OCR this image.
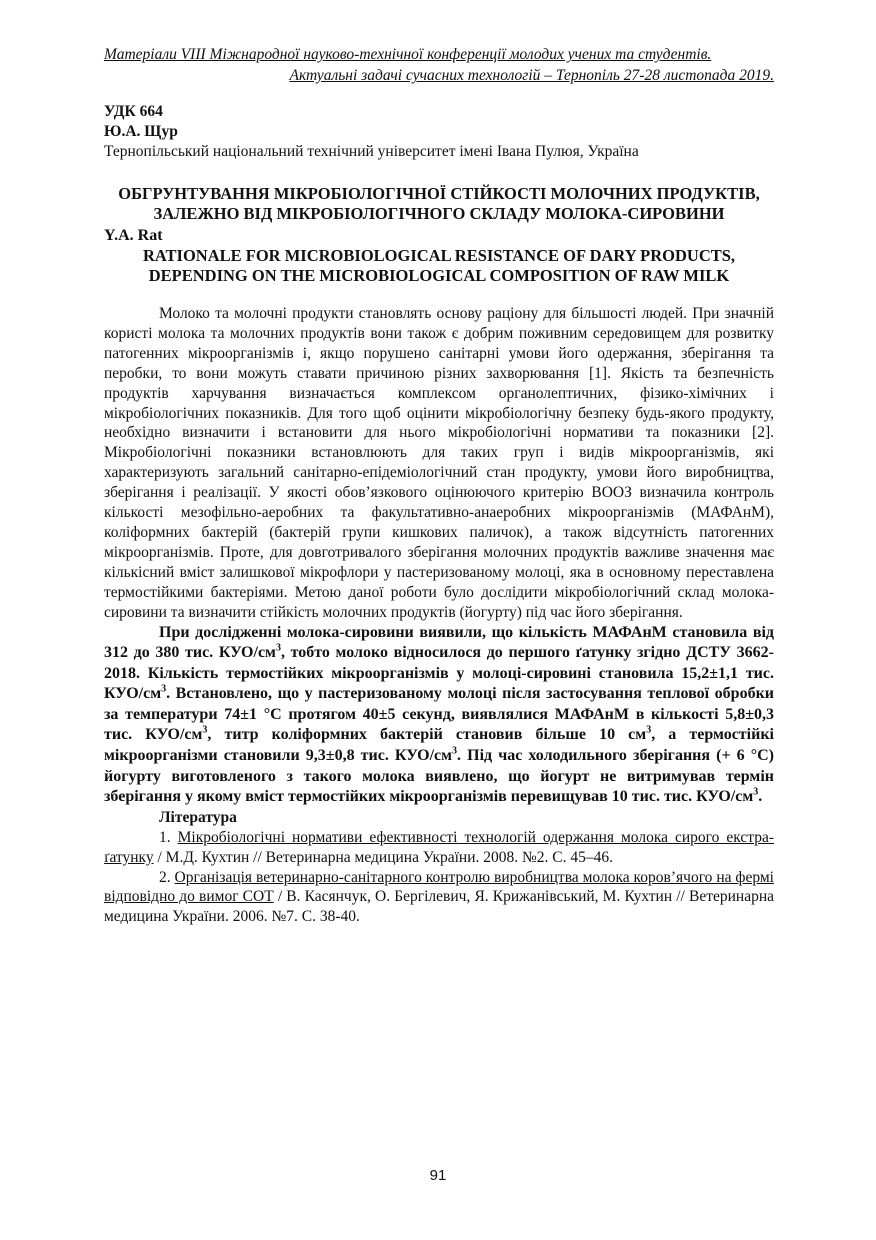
Матеріали VIII Міжнародної науково-технічної конференції молодих учених та студентів.
Актуальні задачі сучасних технологій – Тернопіль 27-28 листопада 2019.
УДК 664
Ю.А. Щур
Тернопільський національний технічний університет імені Івана Пулюя, Україна
ОБГРУНТУВАННЯ МІКРОБІОЛОГІЧНОЇ СТІЙКОСТІ МОЛОЧНИХ ПРОДУКТІВ, ЗАЛЕЖНО ВІД МІКРОБІОЛОГІЧНОГО СКЛАДУ МОЛОКА-СИРОВИНИ
Y.A. Rat
RATIONALE FOR MICROBIOLOGICAL RESISTANCE OF DARY PRODUCTS, DEPENDING ON THE MICROBIOLOGICAL COMPOSITION OF RAW MILK

Молоко та молочні продукти становлять основу раціону для більшості людей. При значній користі молока та молочних продуктів вони також є добрим поживним середовищем для розвитку патогенних мікроорганізмів і, якщо порушено санітарні умови його одержання, зберігання та перобки, то вони можуть ставати причиною різних захворювання [1]. Якість та безпечність продуктів харчування визначається комплексом органолептичних, фізико-хімічних і мікробіологічних показників. Для того щоб оцінити мікробіологічну безпеку будь-якого продукту, необхідно визначити і встановити для нього мікробіологічні нормативи та показники [2]. Мікробіологічні показники встановлюють для таких груп і видів мікроорганізмів, які характеризують загальний санітарно-епідеміологічний стан продукту, умови його виробництва, зберігання і реалізації. У якості обов’язкового оцінюючого критерію ВООЗ визначила контроль кількості мезофільно-аеробних та факультативно-анаеробних мікроорганізмів (МАФАнМ), коліформних бактерій (бактерій групи кишкових паличок), а також відсутність патогенних мікроорганізмів. Проте, для довготривалого зберігання молочних продуктів важливе значення має кількісний вміст залишкової мікрофлори у пастеризованому молоці, яка в основному переставлена термостійкими бактеріями. Метою даної роботи було дослідити мікробіологічний склад молока-сировини та визначити стійкість молочних продуктів (йогурту) під час його зберігання.

При дослідженні молока-сировини виявили, що кількість МАФАнМ становила від 312 до 380 тис. КУО/$см^3$, тобто молоко відносилося до першого ґатунку згідно ДСТУ 3662-2018. Кількість термостійких мікроорганізмів у молоці-сировині становила 15,2±1,1 тис. КУО/$см^3$. Встановлено, що у пастеризованому молоці після застосування теплової обробки за температури 74±1 °С протягом 40±5 секунд, виявлялися МАФАнМ в кількості 5,8±0,3 тис. КУО/$см^3$, титр коліформних бактерій становив більше 10 $см^3$, а термостійкі мікроорганізми становили 9,3±0,8 тис. КУО/$см^3$. Під час холодильного зберігання (+ 6 °С) йогурту виготовленого з такого молока виявлено, що йогурт не витримував термін зберігання у якому вміст термостійких мікроорганізмів перевищував 10 тис. тис. КУО/$см^3$.

Література

1. Мікробіологічні нормативи ефективності технологій одержання молока сирого екстра-ґатунку / М.Д. Кухтин // Ветеринарна медицина України. 2008. №2. С. 45–46.

2. Організація ветеринарно-санітарного контролю виробництва молока коров’ячого на фермі відповідно до вимог СОТ / В. Касянчук, О. Бергілевич, Я. Крижанівський, М. Кухтин // Ветеринарна медицина України. 2006. №7. С. 38-40.

91
